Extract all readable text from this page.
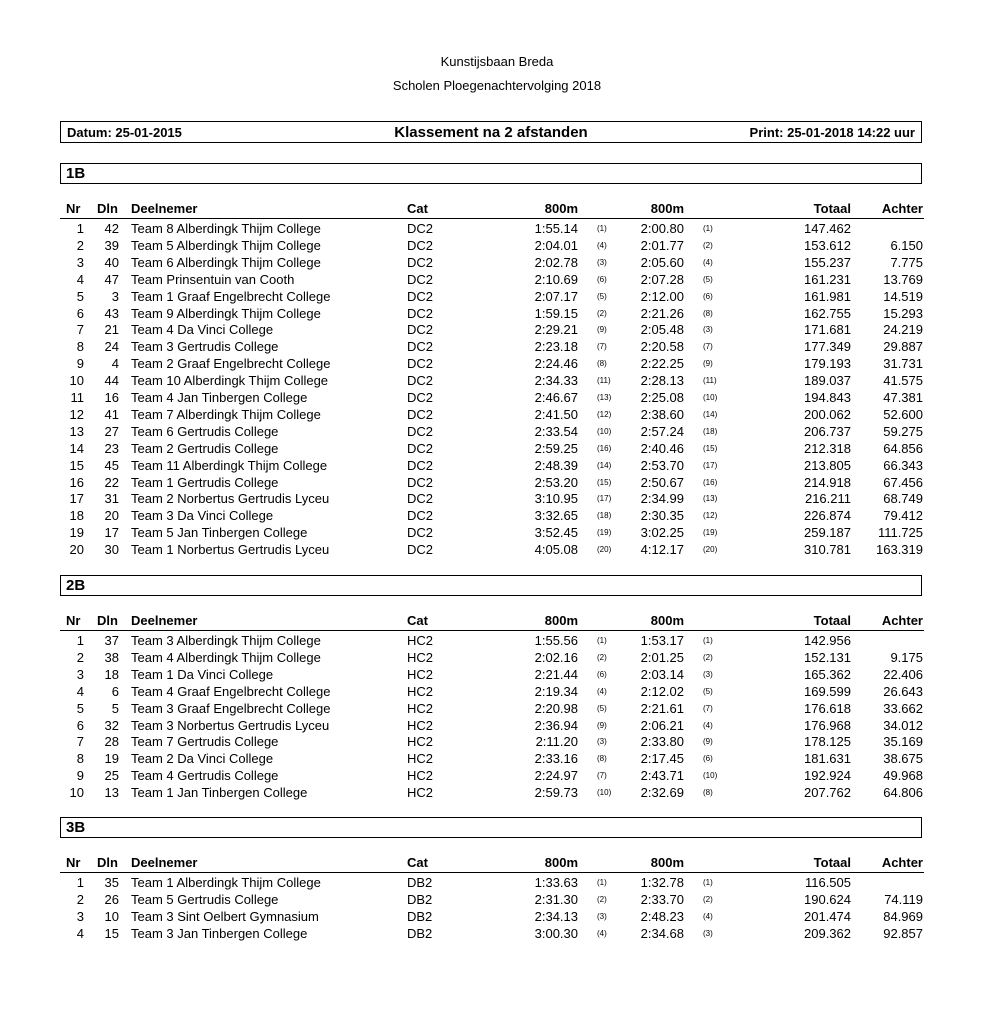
Kunstijsbaan Breda
Scholen Ploegenachtervolging 2018
Datum: 25-01-2015	Klassement na 2 afstanden	Print: 25-01-2018 14:22 uur
1B
Nr Dln Deelnemer	Cat	800m	800m	Totaal	Achter
1	42 Team 8 Alberdingk Thijm College	DC2	1:55.14 (1)	2:00.80 (1)	147.462
2	39 Team 5 Alberdingk Thijm College	DC2	2:04.01 (4)	2:01.77 (2)	153.612	6.150
3	40 Team 6 Alberdingk Thijm College	DC2	2:02.78 (3)	2:05.60 (4)	155.237	7.775
4	47 Team Prinsentuin van Cooth	DC2	2:10.69 (6)	2:07.28 (5)	161.231	13.769
5	3 Team 1 Graaf Engelbrecht College	DC2	2:07.17 (5)	2:12.00 (6)	161.981	14.519
6	43 Team 9 Alberdingk Thijm College	DC2	1:59.15 (2)	2:21.26 (8)	162.755	15.293
7	21 Team 4 Da Vinci College	DC2	2:29.21 (9)	2:05.48 (3)	171.681	24.219
8	24 Team 3 Gertrudis College	DC2	2:23.18 (7)	2:20.58 (7)	177.349	29.887
9	4 Team 2 Graaf Engelbrecht College	DC2	2:24.46 (8)	2:22.25 (9)	179.193	31.731
10	44 Team 10 Alberdingk Thijm College	DC2	2:34.33 (11)	2:28.13 (11)	189.037	41.575
11	16 Team 4 Jan Tinbergen College	DC2	2:46.67 (13)	2:25.08 (10)	194.843	47.381
12	41 Team 7 Alberdingk Thijm College	DC2	2:41.50 (12)	2:38.60 (14)	200.062	52.600
13	27 Team 6 Gertrudis College	DC2	2:33.54 (10)	2:57.24 (18)	206.737	59.275
14	23 Team 2 Gertrudis College	DC2	2:59.25 (16)	2:40.46 (15)	212.318	64.856
15	45 Team 11 Alberdingk Thijm College	DC2	2:48.39 (14)	2:53.70 (17)	213.805	66.343
16	22 Team 1 Gertrudis College	DC2	2:53.20 (15)	2:50.67 (16)	214.918	67.456
17	31 Team 2 Norbertus Gertrudis Lyceu	DC2	3:10.95 (17)	2:34.99 (13)	216.211	68.749
18	20 Team 3 Da Vinci College	DC2	3:32.65 (18)	2:30.35 (12)	226.874	79.412
19	17 Team 5 Jan Tinbergen College	DC2	3:52.45 (19)	3:02.25 (19)	259.187	111.725
20	30 Team 1 Norbertus Gertrudis Lyceu	DC2	4:05.08 (20)	4:12.17 (20)	310.781	163.319
2B
Nr Dln Deelnemer	Cat	800m	800m	Totaal	Achter
1	37 Team 3 Alberdingk Thijm College	HC2	1:55.56 (1)	1:53.17 (1)	142.956
2	38 Team 4 Alberdingk Thijm College	HC2	2:02.16 (2)	2:01.25 (2)	152.131	9.175
3	18 Team 1 Da Vinci College	HC2	2:21.44 (6)	2:03.14 (3)	165.362	22.406
4	6 Team 4 Graaf Engelbrecht College	HC2	2:19.34 (4)	2:12.02 (5)	169.599	26.643
5	5 Team 3 Graaf Engelbrecht College	HC2	2:20.98 (5)	2:21.61 (7)	176.618	33.662
6	32 Team 3 Norbertus Gertrudis Lyceu	HC2	2:36.94 (9)	2:06.21 (4)	176.968	34.012
7	28 Team 7 Gertrudis College	HC2	2:11.20 (3)	2:33.80 (9)	178.125	35.169
8	19 Team 2 Da Vinci College	HC2	2:33.16 (8)	2:17.45 (6)	181.631	38.675
9	25 Team 4 Gertrudis College	HC2	2:24.97 (7)	2:43.71 (10)	192.924	49.968
10	13 Team 1 Jan Tinbergen College	HC2	2:59.73 (10)	2:32.69 (8)	207.762	64.806
3B
Nr Dln Deelnemer	Cat	800m	800m	Totaal	Achter
1	35 Team 1 Alberdingk Thijm College	DB2	1:33.63 (1)	1:32.78 (1)	116.505
2	26 Team 5 Gertrudis College	DB2	2:31.30 (2)	2:33.70 (2)	190.624	74.119
3	10 Team 3 Sint Oelbert Gymnasium	DB2	2:34.13 (3)	2:48.23 (4)	201.474	84.969
4	15 Team 3 Jan Tinbergen College	DB2	3:00.30 (4)	2:34.68 (3)	209.362	92.857
